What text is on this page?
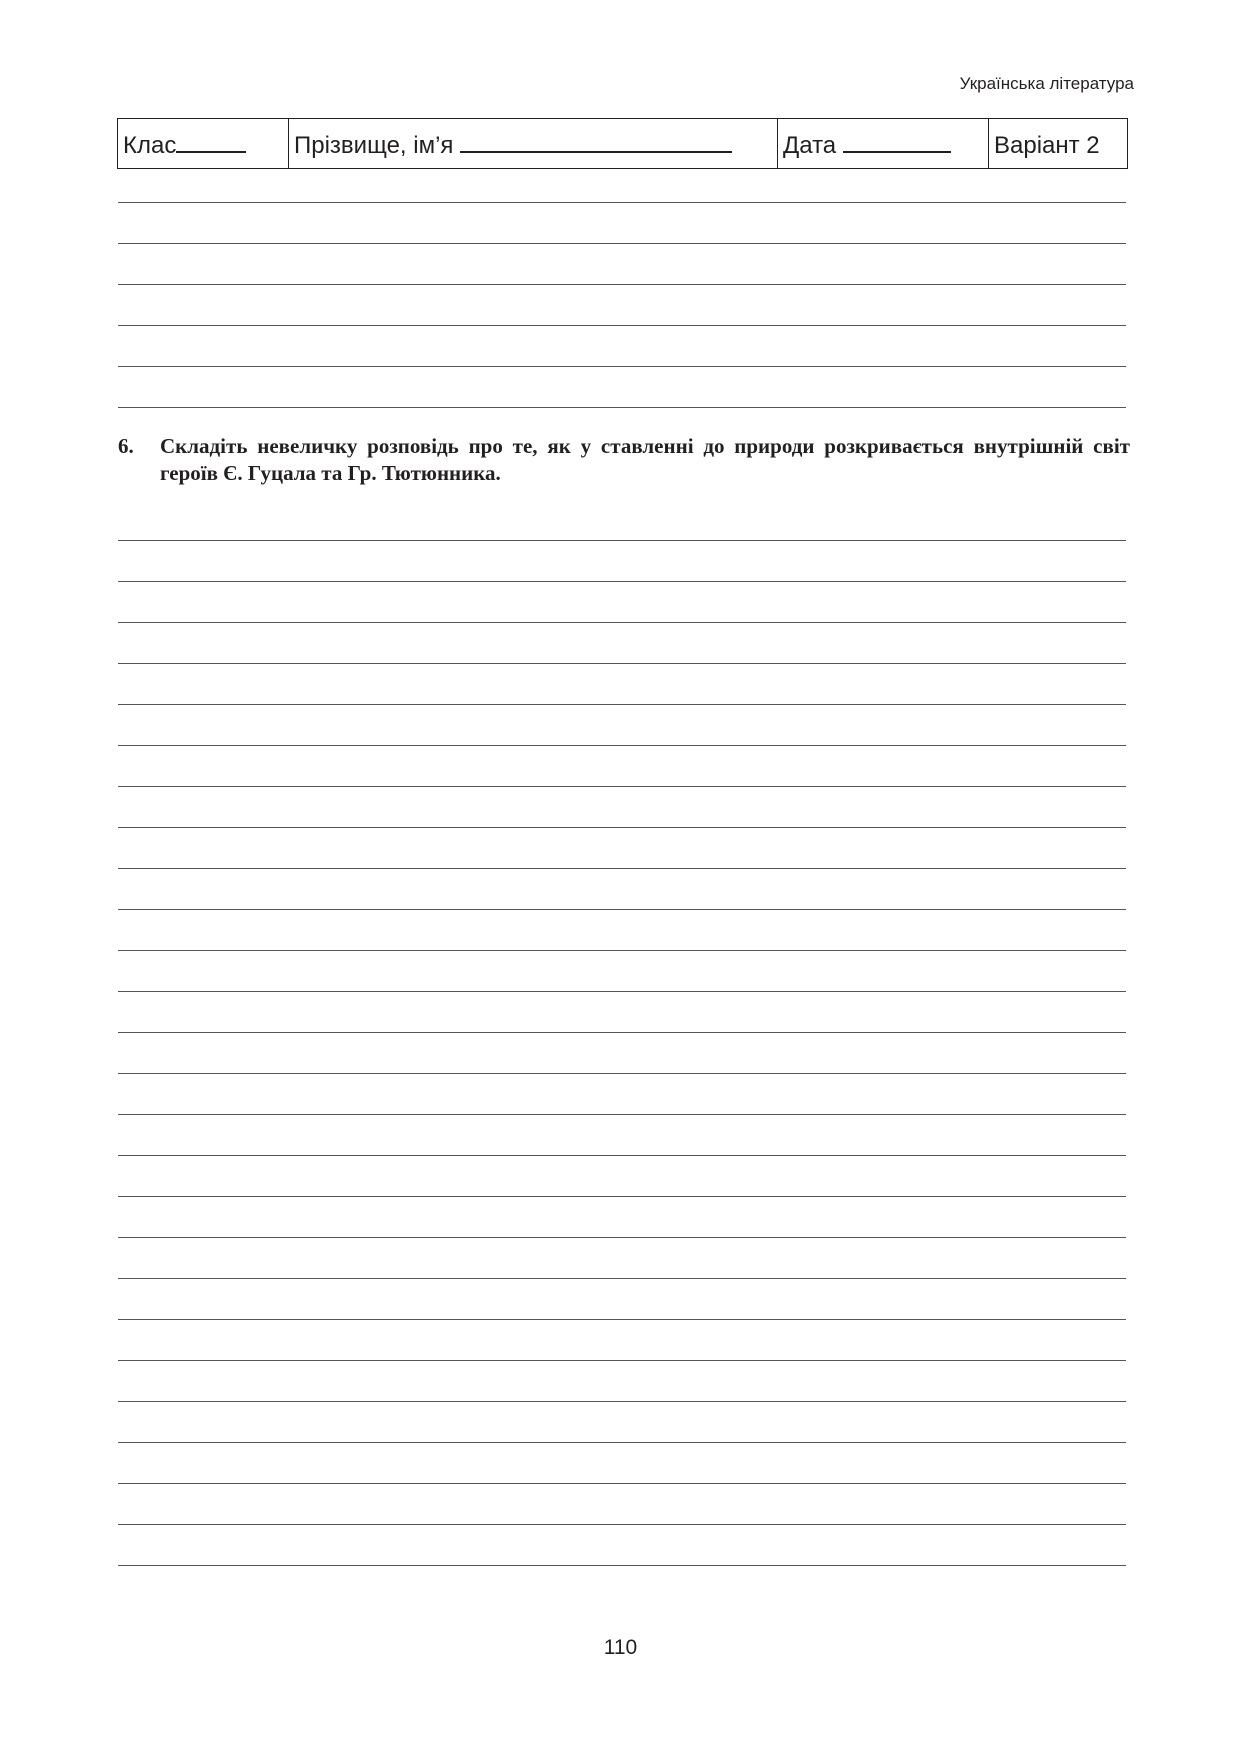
Українська література
Клас	Прізвище, ім’я	Дата	Варіант 2
6. Складіть невеличку розповідь про те, як у ставленні до природи розкривається внутрішній світ героїв Є. Гуцала та Гр. Тютюнника.
110
